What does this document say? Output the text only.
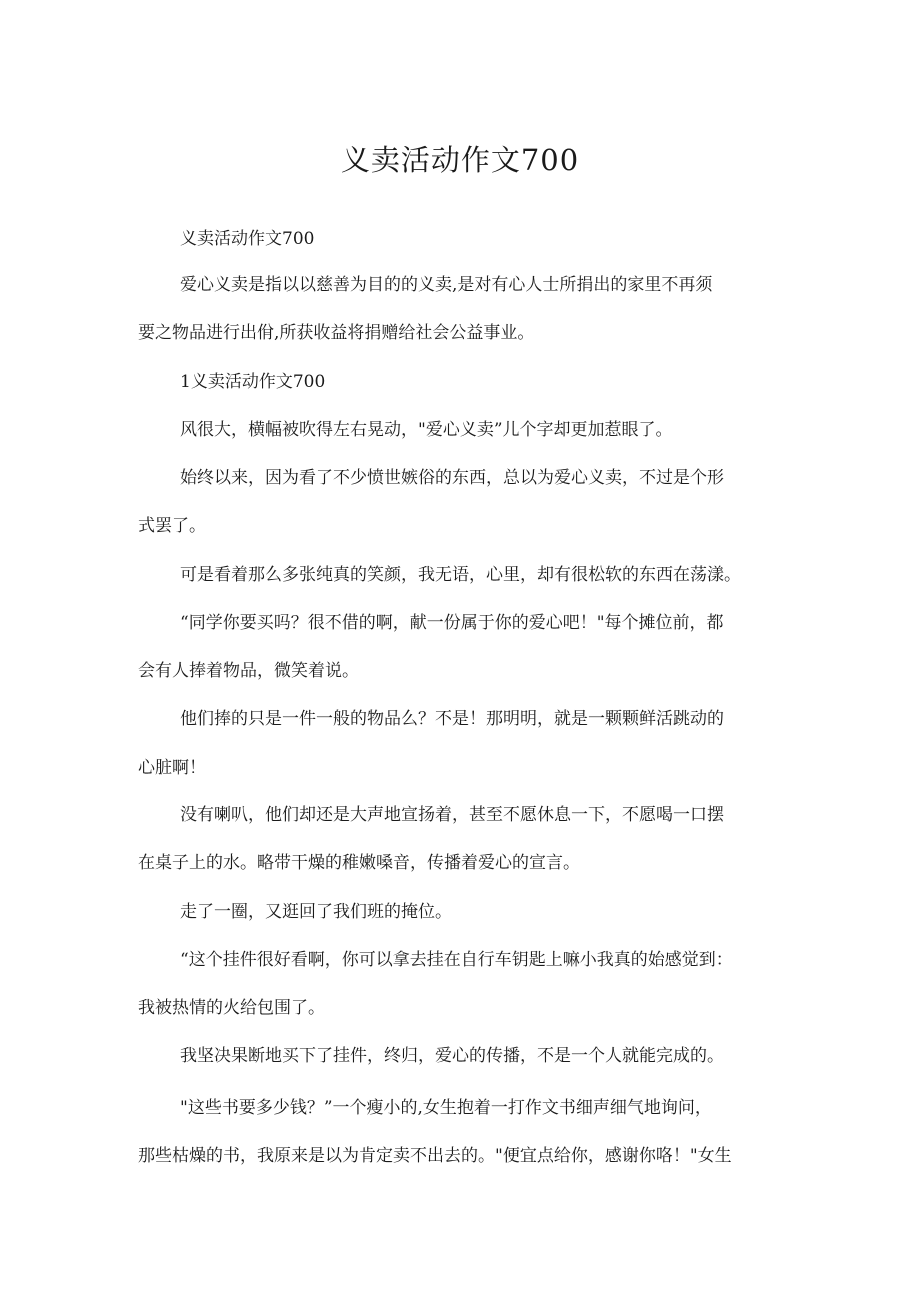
义卖活动作文700

义卖活动作文700

爱心义卖是指以以慈善为目的的义卖,是对有心人士所捐出的家里不再须

要之物品进行出佾,所获收益将捐赠给社会公益事业。

1义卖活动作文700

风很大，横幅被吹得左右晃动，"爱心义卖”儿个字却更加惹眼了。

始终以来，因为看了不少愤世嫉俗的东西，总以为爱心义卖，不过是个形

式罢了。

可是看着那么多张纯真的笑颜，我无语，心里，却有很松软的东西在荡漾。

“同学你要买吗？很不借的啊，献一份属于你的爱心吧！"每个摊位前，都

会有人捧着物品，微笑着说。

他们捧的只是一件一般的物品么？不是！那明明，就是一颗颗鲜活跳动的

心脏啊！

没有喇叭，他们却还是大声地宣扬着，甚至不愿休息一下，不愿喝一口摆

在桌子上的水。略带干燥的稚嫩嗓音，传播着爱心的宣言。

走了一圈，又逛回了我们班的掩位。

“这个挂件很好看啊，你可以拿去挂在自行车钥匙上嘛小我真的始感觉到：

我被热情的火给包围了。

我坚决果断地买下了挂件，终归，爱心的传播，不是一个人就能完成的。

"这些书要多少钱？”一个瘦小的,女生抱着一打作文书细声细气地询问，

那些枯燥的书，我原来是以为肯定卖不出去的。"便宜点给你，感谢你咯！"女生
